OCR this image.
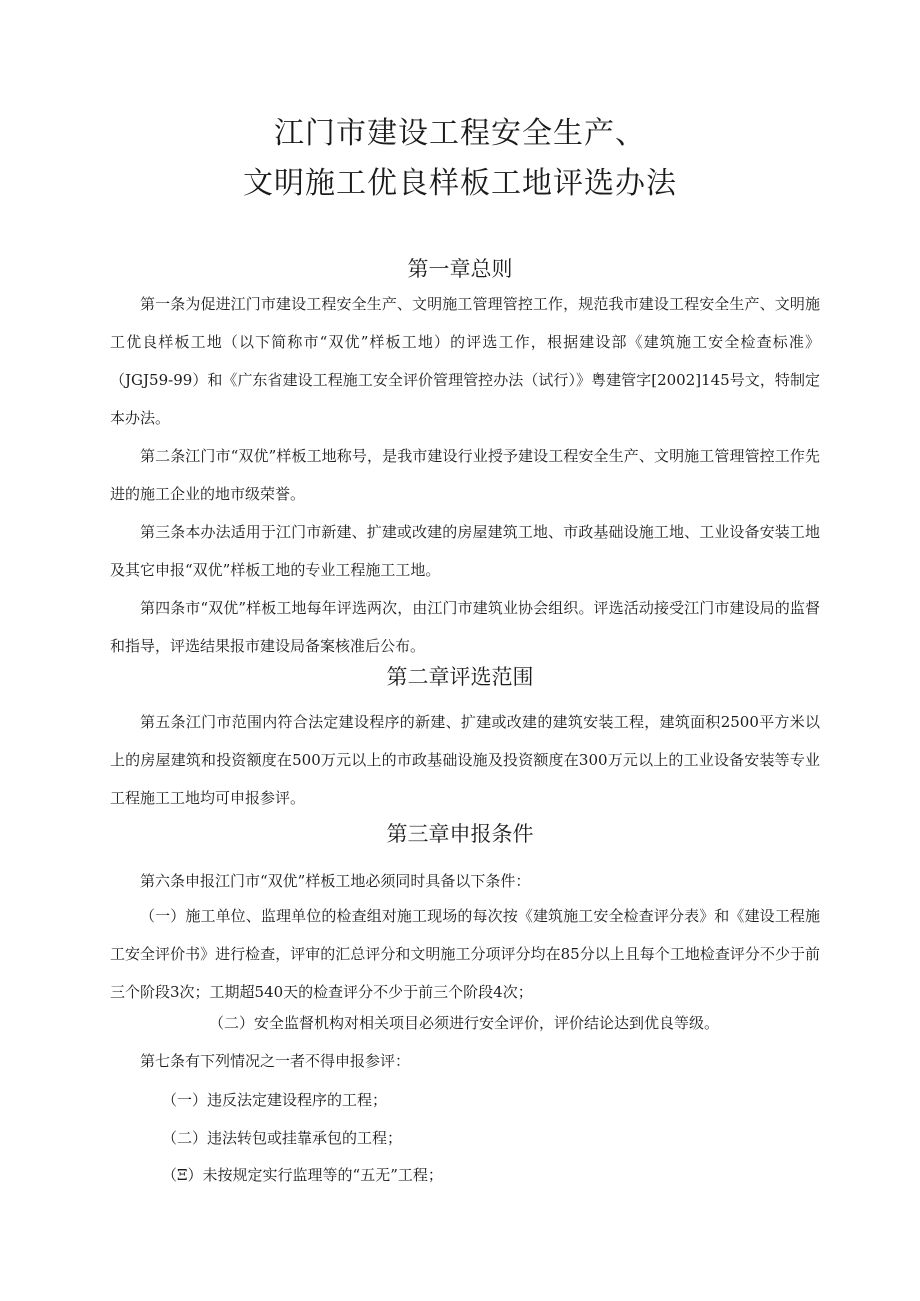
江门市建设工程安全生产、
文明施工优良样板工地评选办法
第一章总则

第一条为促进江门市建设工程安全生产、文明施工管理管控工作，规范我市建设工程安全生产、文明施工优良样板工地（以下简称市“双优”样板工地）的评选工作，根据建设部《建筑施工安全检查标准》（JGJ59-99）和《广东省建设工程施工安全评价管理管控办法（试行）》粤建管字[2002]145号文，特制定本办法。

第二条江门市“双优”样板工地称号，是我市建设行业授予建设工程安全生产、文明施工管理管控工作先进的施工企业的地市级荣誉。

第三条本办法适用于江门市新建、扩建或改建的房屋建筑工地、市政基础设施工地、工业设备安装工地及其它申报“双优”样板工地的专业工程施工工地。

第四条市“双优”样板工地每年评选两次，由江门市建筑业协会组织。评选活动接受江门市建设局的监督和指导，评选结果报市建设局备案核准后公布。

第二章评选范围

第五条江门市范围内符合法定建设程序的新建、扩建或改建的建筑安装工程，建筑面积2500平方米以上的房屋建筑和投资额度在500万元以上的市政基础设施及投资额度在300万元以上的工业设备安装等专业工程施工工地均可申报参评。

第三章申报条件
第六条申报江门市“双优”样板工地必须同时具备以下条件：

（一）施工单位、监理单位的检查组对施工现场的每次按《建筑施工安全检查评分表》和《建设工程施工安全评价书》进行检查，评审的汇总评分和文明施工分项评分均在85分以上且每个工地检查评分不少于前三个阶段3次；工期超540天的检查评分不少于前三个阶段4次；

（二）安全监督机构对相关项目必须进行安全评价，评价结论达到优良等级。
第七条有下列情况之一者不得申报参评：
（一）违反法定建设程序的工程；
（二）违法转包或挂靠承包的工程；
（Ξ）未按规定实行监理等的“五无”工程；
